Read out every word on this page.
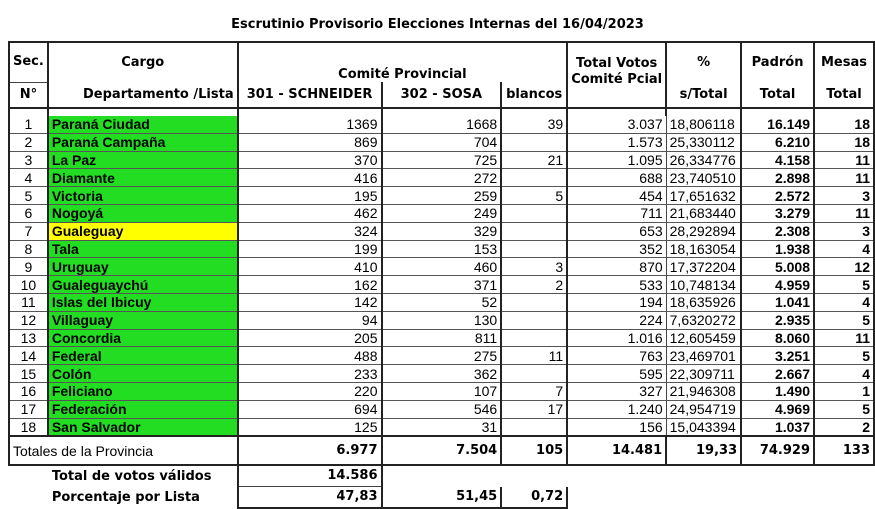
Escrutinio Provisorio Elecciones Internas del 16/04/2023
Sec.	Cargo	Comité Provincial			Total Votos
Comité Pcial	%	Padrón	Mesas
N°	Departamento /Lista	301 - SCHNEIDER	302 - SOSA	blancos		s/Total	Total	Total

1	Paraná Ciudad	1369	1668	39	3.037	18,806118	16.149	18
2	Paraná Campaña	869	704		1.573	25,330112	6.210	18
3	La Paz	370	725	21	1.095	26,334776	4.158	11
4	Diamante	416	272		688	23,740510	2.898	11
5	Victoria	195	259	5	454	17,651632	2.572	3
6	Nogoyá	462	249		711	21,683440	3.279	11
7	Gualeguay	324	329		653	28,292894	2.308	3
8	Tala	199	153		352	18,163054	1.938	4
9	Uruguay	410	460	3	870	17,372204	5.008	12
10	Gualeguaychú	162	371	2	533	10,748134	4.959	5
11	Islas del Ibicuy	142	52		194	18,635926	1.041	4
12	Villaguay	94	130		224	7,6320272	2.935	5
13	Concordia	205	811		1.016	12,605459	8.060	11
14	Federal	488	275	11	763	23,469701	3.251	5
15	Colón	233	362		595	22,309711	2.667	4
16	Feliciano	220	107	7	327	21,946308	1.490	1
17	Federación	694	546	17	1.240	24,954719	4.969	5
18	San Salvador	125	31		156	15,043394	1.037	2
Totales de la Provincia		6.977	7.504	105	14.481	19,33	74.929	133
	Total de votos válidos	14.586						
	Porcentaje por Lista	47,83	51,45	0,72				
